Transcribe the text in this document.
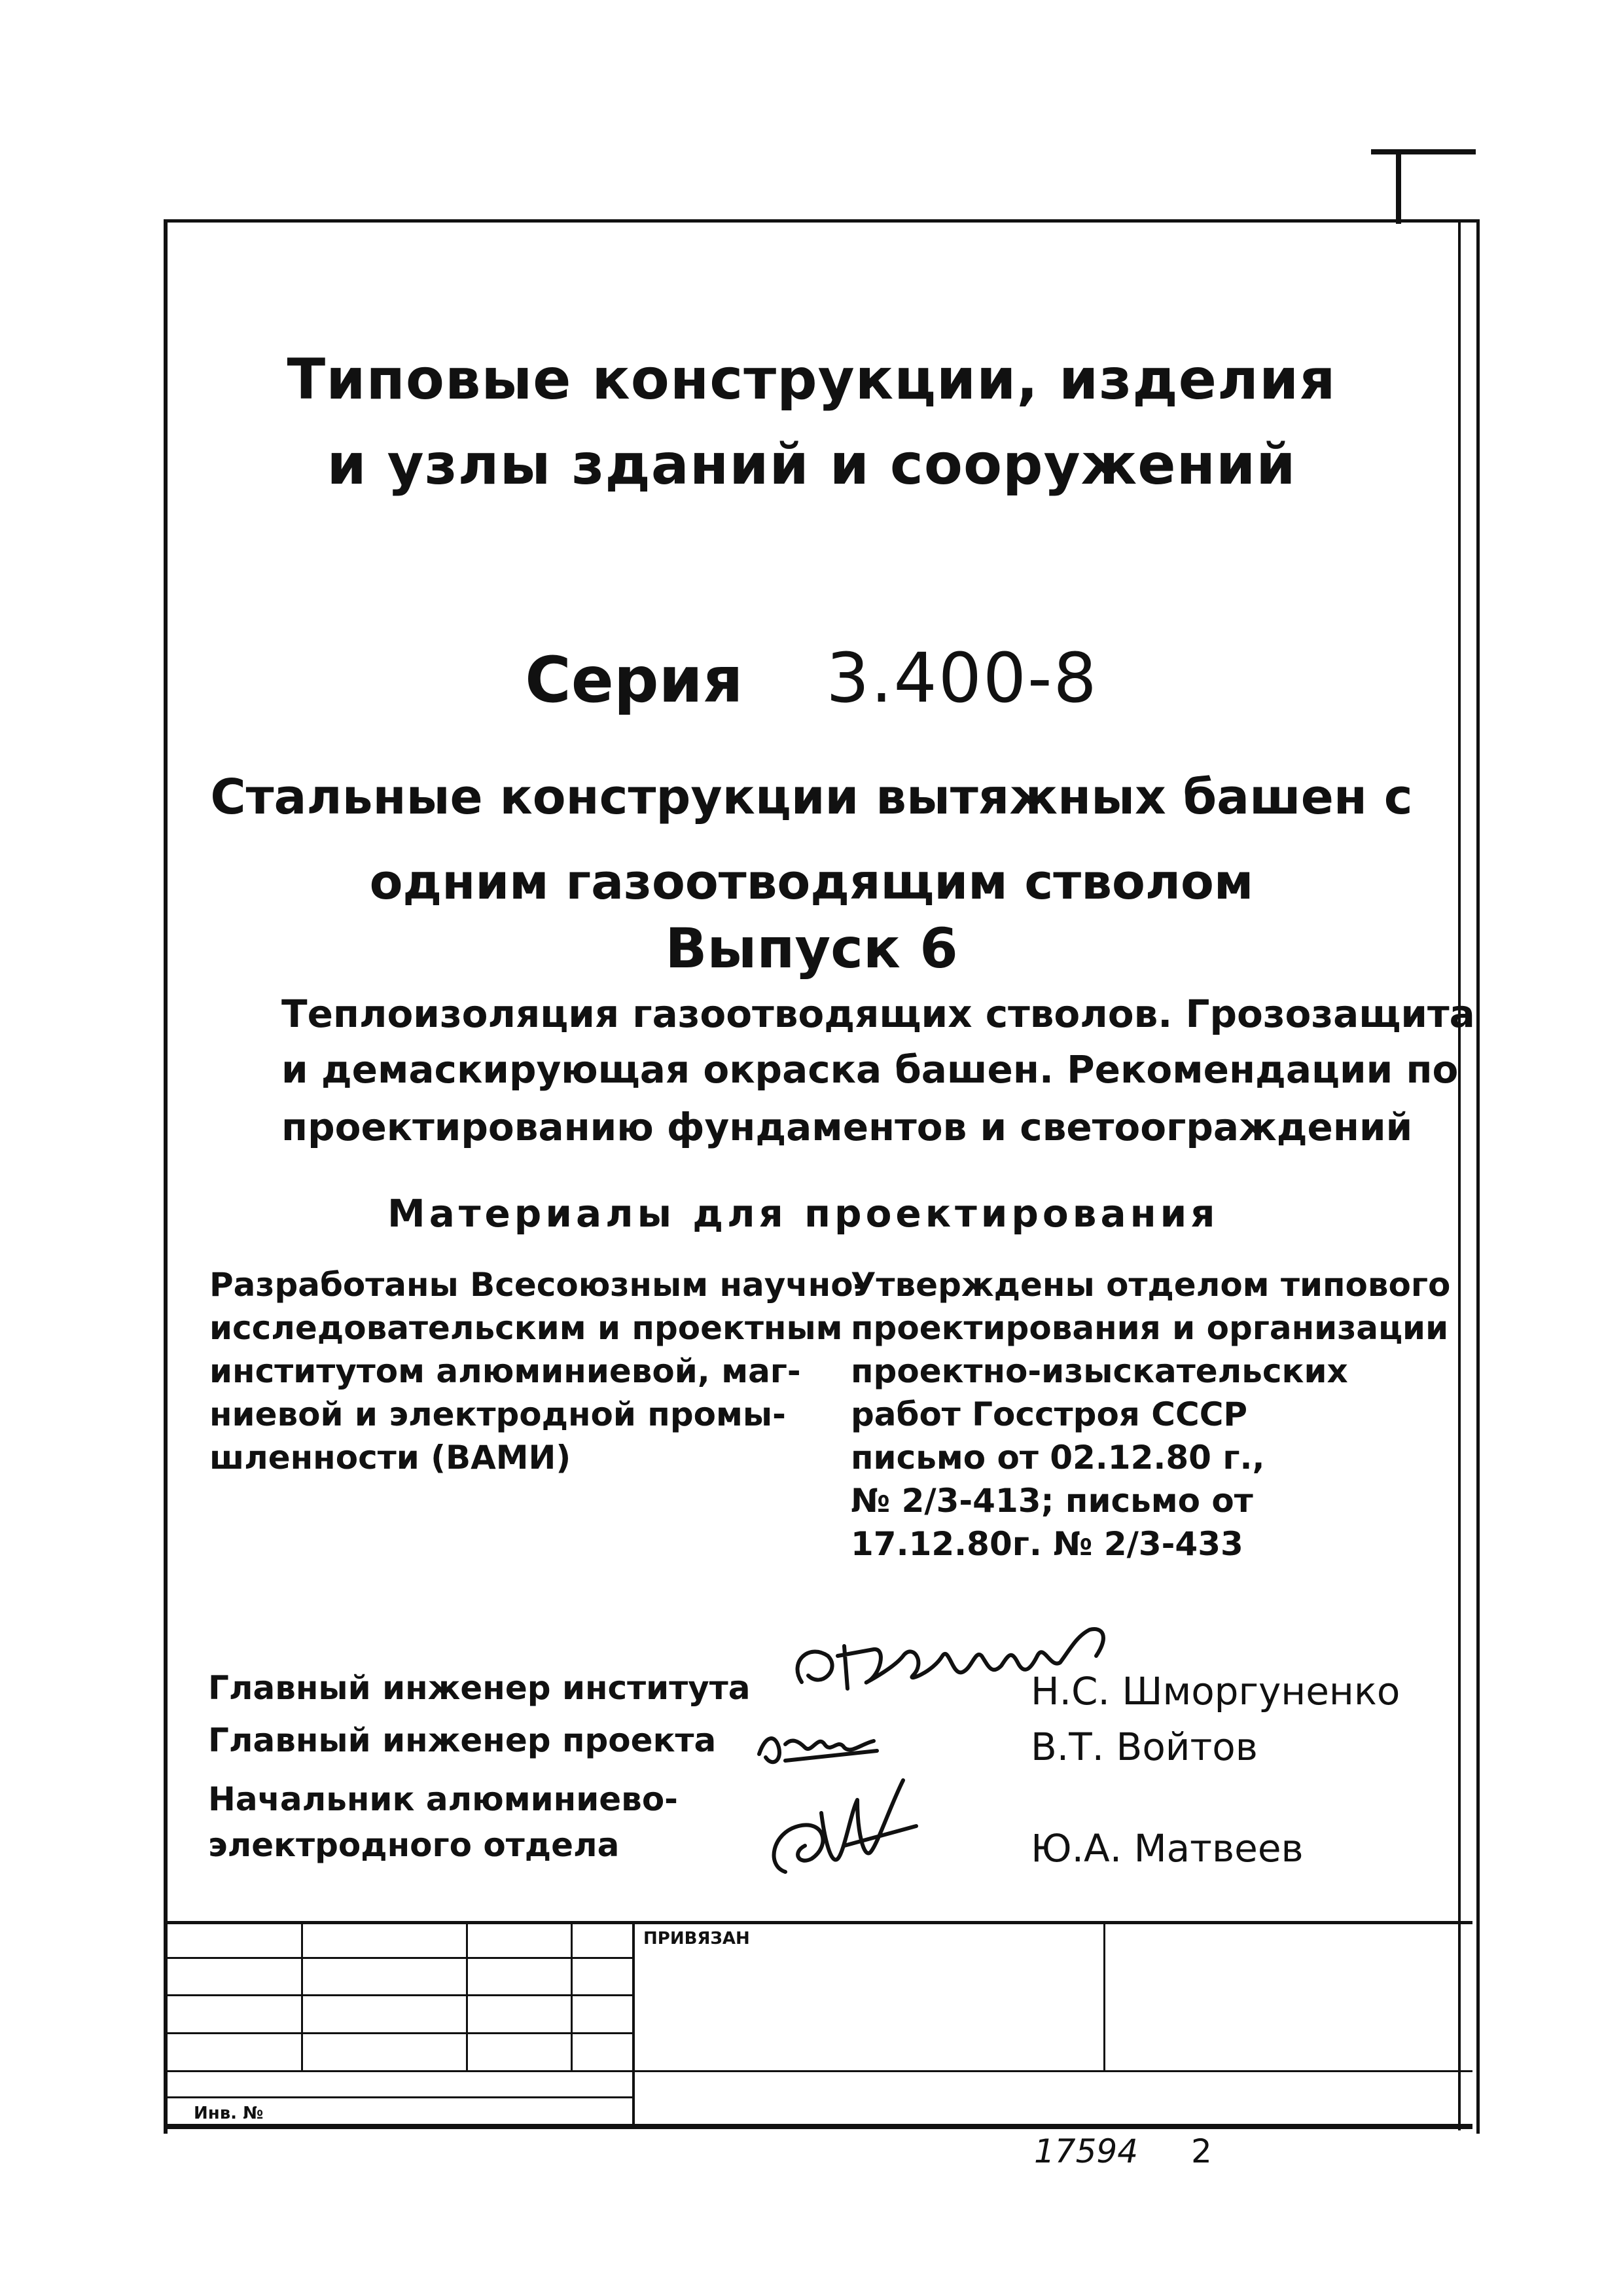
Типовые конструкции, изделия
и узлы зданий и сооружений
Серия 3.400-8
Стальные конструкции вытяжных башен с
одним газоотводящим стволом
Выпуск 6
Теплоизоляция газоотводящих стволов. Грозозащита
и демаскирующая окраска башен. Рекомендации по
проектированию фундаментов и светоограждений
Материалы для проектирования
Разработаны Всесоюзным научно-
исследовательским и проектным
институтом алюминиевой, маг-
ниевой и электродной промы-
шленности (ВАМИ)
Утверждены отделом типового
проектирования и организации
проектно-изыскательских
работ Госстроя СССР
письмо от 02.12.80 г.,
№ 2/3-413; письмо от
17.12.80г. № 2/3-433
Главный инженер института
Главный инженер проекта
Начальник алюминиево-
электродного отдела
Н.С. Шморгуненко
В.Т. Войтов
Ю.А. Матвеев
ПРИВЯЗАН
Инв. №
17594 2
